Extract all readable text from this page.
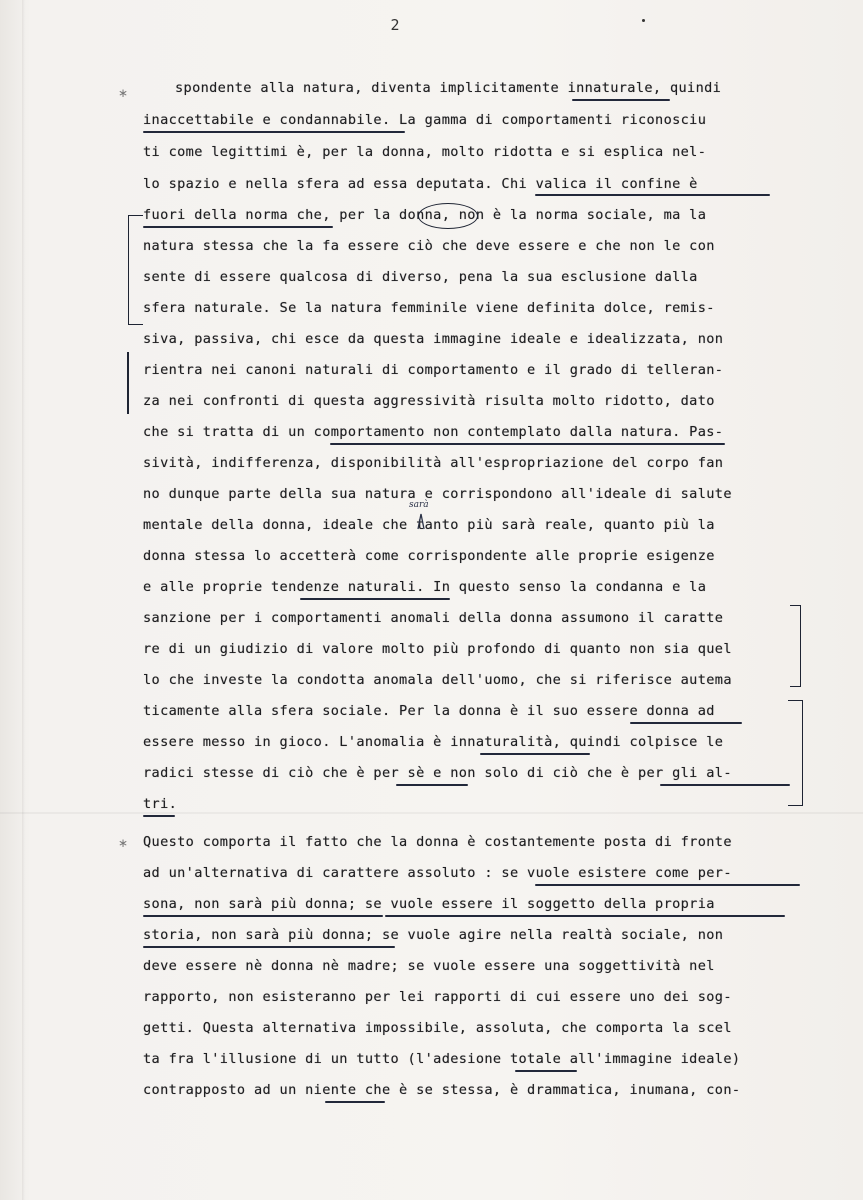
2
∗
∗
spondente alla natura, diventa implicitamente innaturale, quindi
inaccettabile e condannabile. La gamma di comportamenti riconosciu
ti come legittimi è, per la donna, molto ridotta e si esplica nel-
lo spazio e nella sfera ad essa deputata. Chi valica il confine è
fuori della norma che, per la donna, non è la norma sociale, ma la
natura stessa che la fa essere ciò che deve essere e che non le con
sente di essere qualcosa di diverso, pena la sua esclusione dalla
sfera naturale. Se la natura femminile viene definita dolce, remis-
siva, passiva, chi esce da questa immagine ideale e idealizzata, non
rientra nei canoni naturali di comportamento e il grado di telleran-
za nei confronti di questa aggressività risulta molto ridotto, dato
che si tratta di un comportamento non contemplato dalla natura. Pas-
sività, indifferenza, disponibilità all'espropriazione del corpo fan
no dunque parte della sua natura e corrispondono all'ideale di salute
mentale della donna, ideale che tanto più sarà reale, quanto più la
donna stessa lo accetterà come corrispondente alle proprie esigenze
e alle proprie tendenze naturali. In questo senso la condanna e la
sanzione per i comportamenti anomali della donna assumono il caratte
re di un giudizio di valore molto più profondo di quanto non sia quel
lo che investe la condotta anomala dell'uomo, che si riferisce autema
ticamente alla sfera sociale. Per la donna è il suo essere donna ad
essere messo in gioco. L'anomalia è innaturalità, quindi colpisce le
radici stesse di ciò che è per sè e non solo di ciò che è per gli al-
tri.
Questo comporta il fatto che la donna è costantemente posta di fronte
ad un'alternativa di carattere assoluto : se vuole esistere come per-
sona, non sarà più donna; se vuole essere il soggetto della propria
storia, non sarà più donna; se vuole agire nella realtà sociale, non
deve essere nè donna nè madre; se vuole essere una soggettività nel
rapporto, non esisteranno per lei rapporti di cui essere uno dei sog-
getti. Questa alternativa impossibile, assoluta, che comporta la scel
ta fra l'illusione di un tutto (l'adesione totale all'immagine ideale)
contrapposto ad un niente che è se stessa, è drammatica, inumana, con-
sarà
